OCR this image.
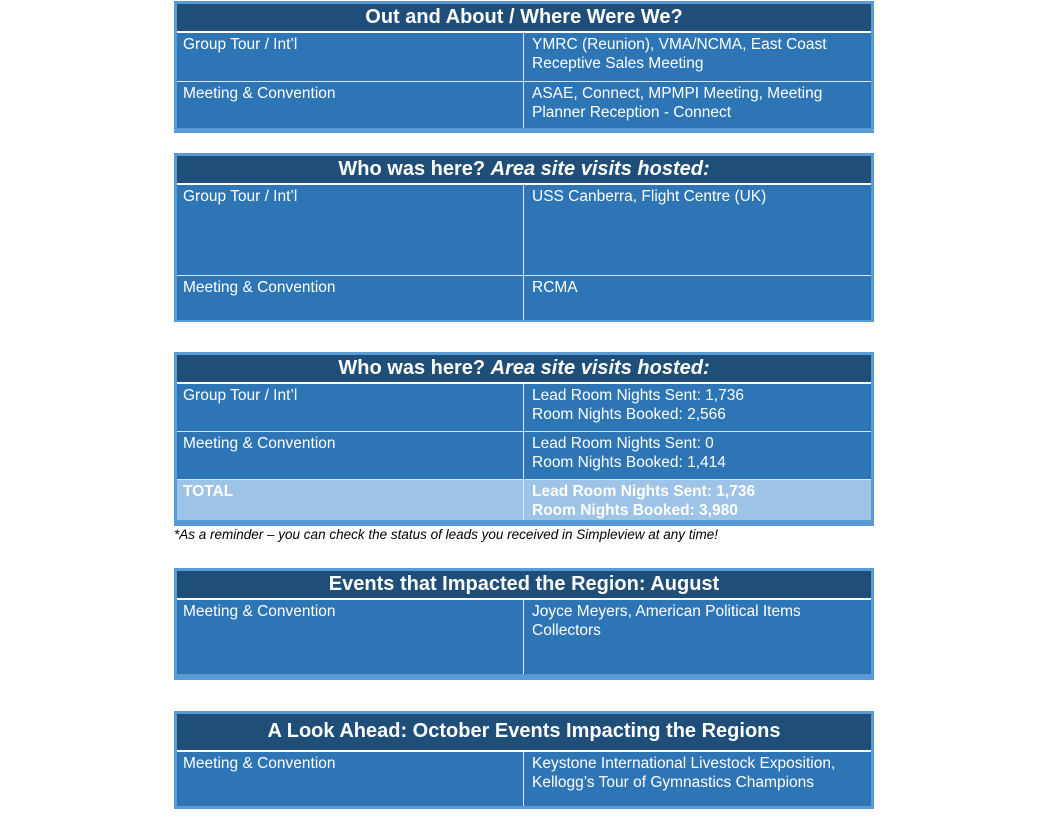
Out and About / Where Were We?
Group Tour / Int’l	YMRC (Reunion), VMA/NCMA, East Coast
Receptive Sales Meeting
Meeting & Convention	ASAE, Connect, MPMPI Meeting, Meeting
Planner Reception - Connect
Who was here? Area site visits hosted:
Group Tour / Int’l	USS Canberra, Flight Centre (UK)
Meeting & Convention	RCMA
Who was here? Area site visits hosted:
Group Tour / Int’l	Lead Room Nights Sent: 1,736
Room Nights Booked: 2,566
Meeting & Convention	Lead Room Nights Sent: 0
Room Nights Booked: 1,414
TOTAL	Lead Room Nights Sent: 1,736
Room Nights Booked: 3,980
*As a reminder – you can check the status of leads you received in Simpleview at any time!
Events that Impacted the Region: August
Meeting & Convention	Joyce Meyers, American Political Items
Collectors
A Look Ahead: October Events Impacting the Regions
Meeting & Convention	Keystone International Livestock Exposition,
Kellogg’s Tour of Gymnastics Champions
